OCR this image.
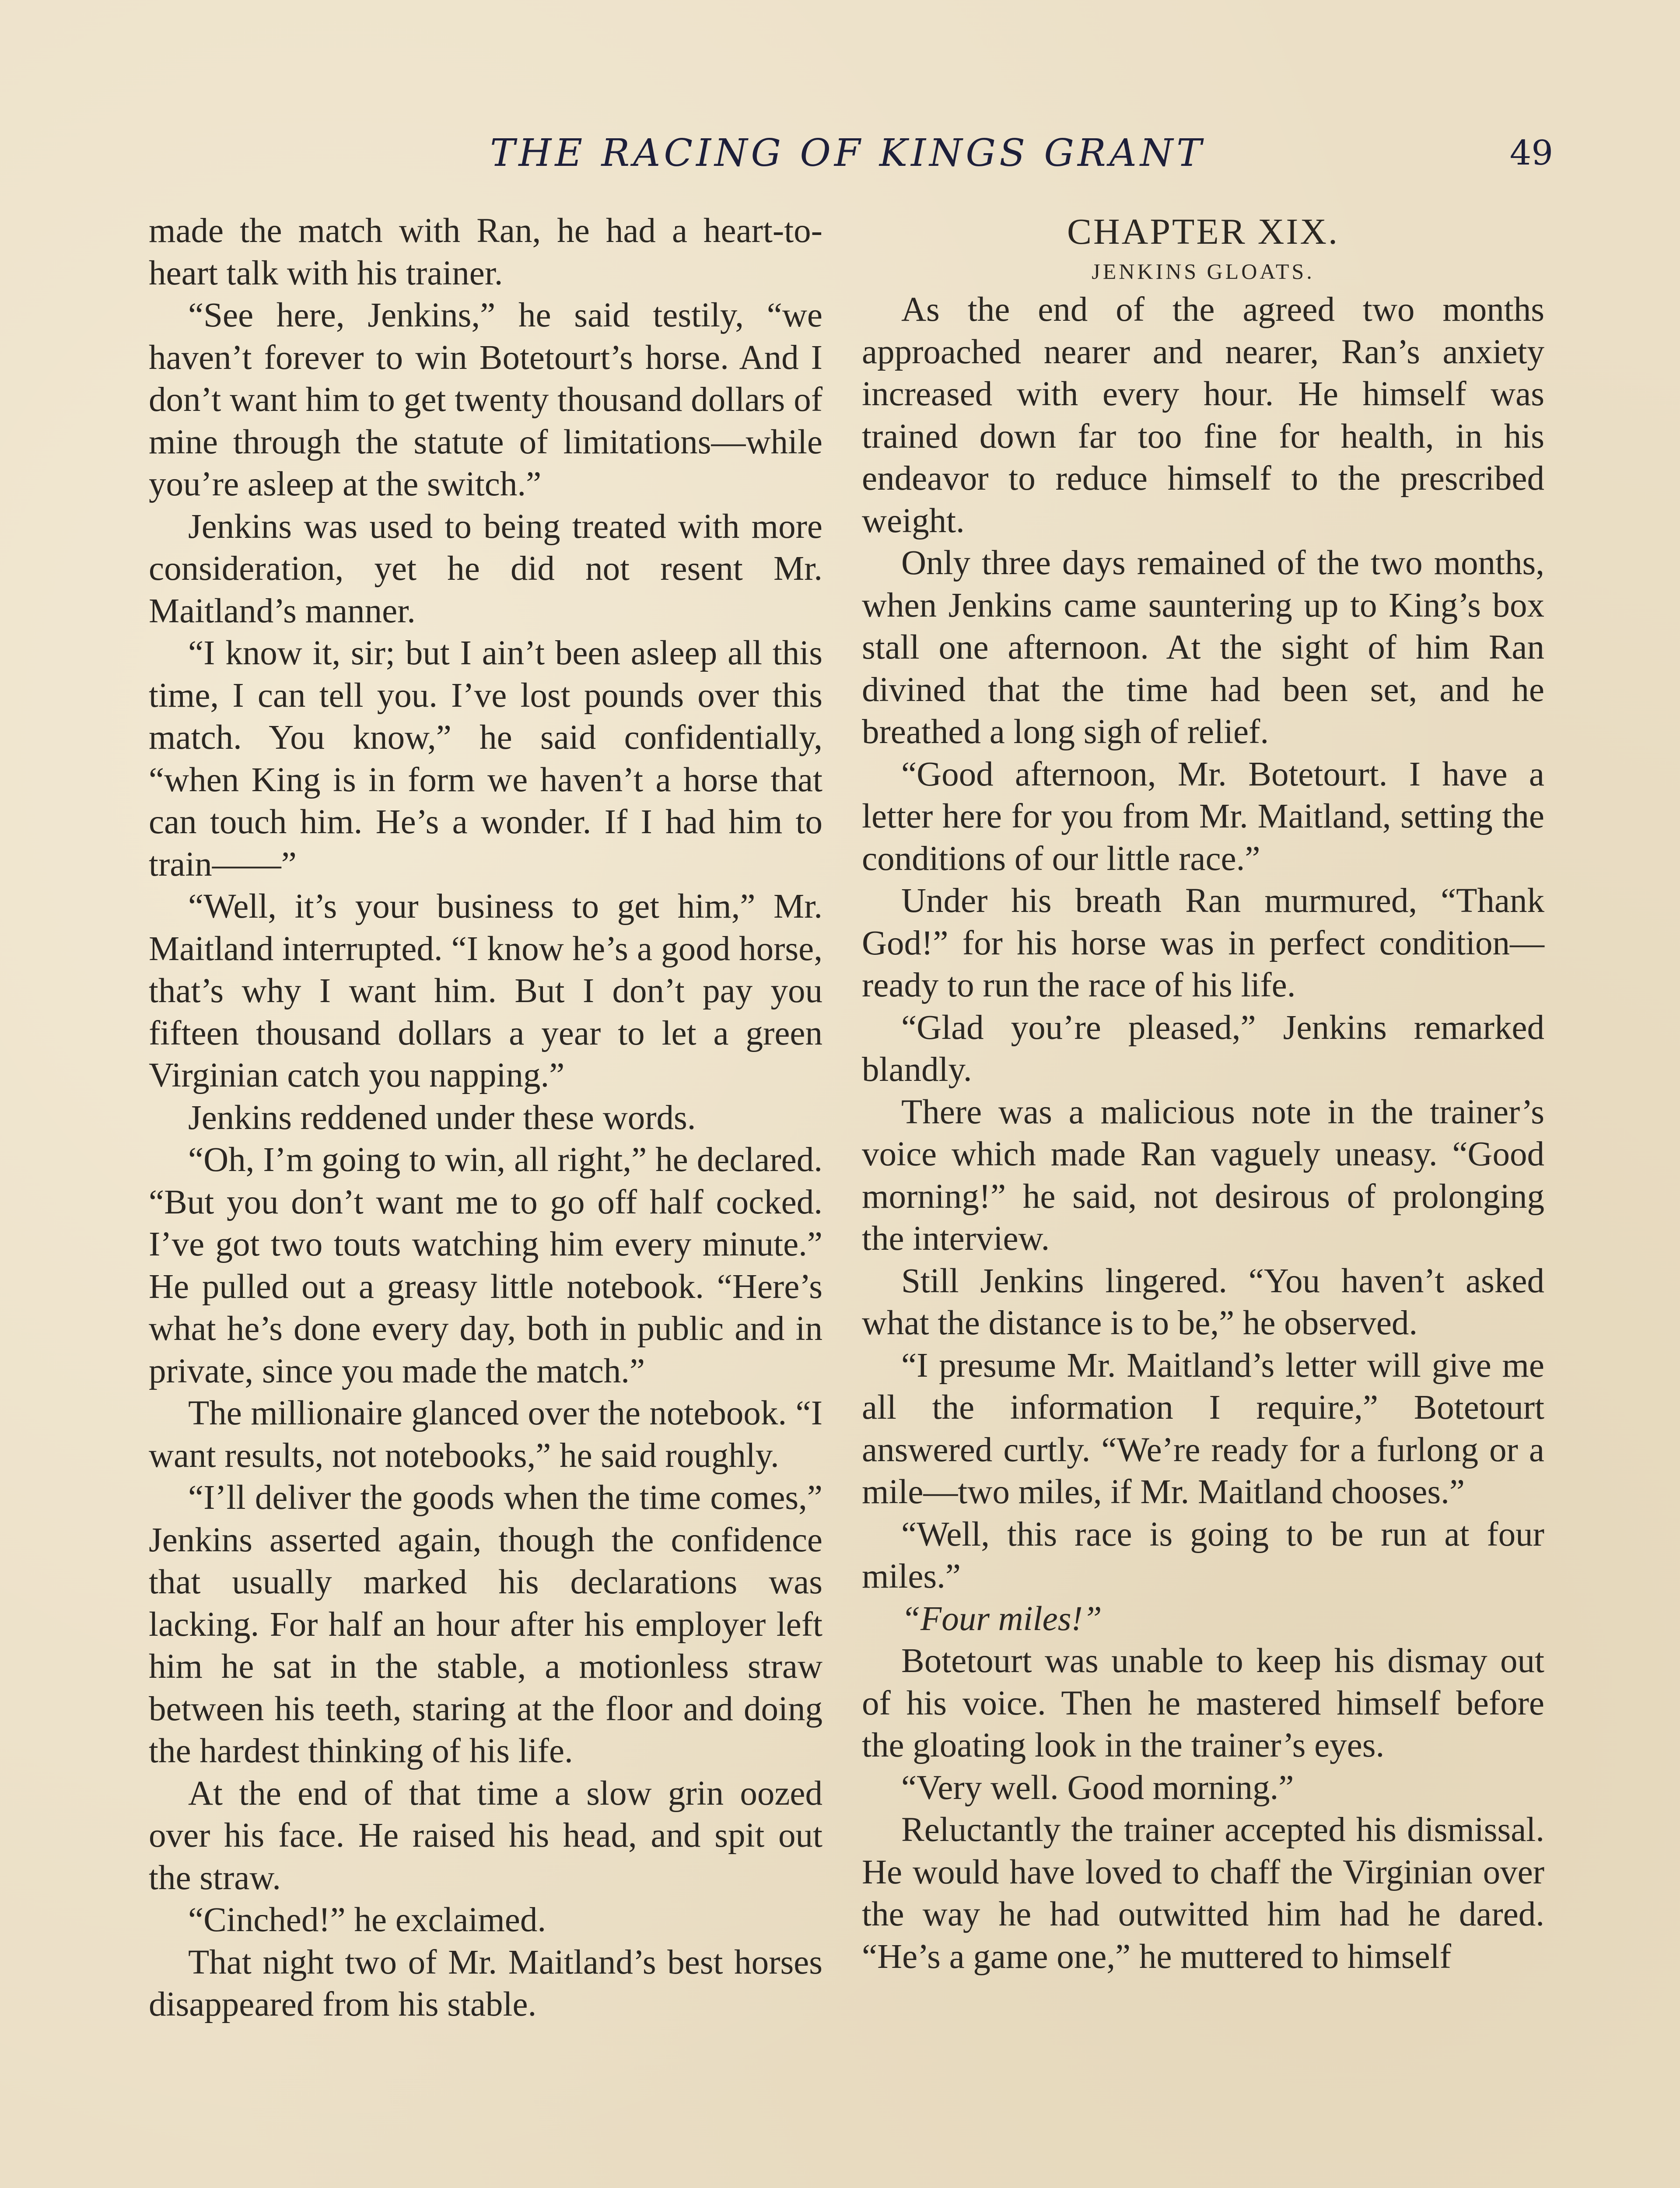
THE RACING OF KINGS GRANT	49

made the match with Ran, he had a heart-to-heart talk with his trainer.

“See here, Jenkins,” he said testily, “we haven’t forever to win Botetourt’s horse. And I don’t want him to get twenty thousand dollars of mine through the statute of limitations—while you’re asleep at the switch.”

Jenkins was used to being treated with more consideration, yet he did not resent Mr. Maitland’s manner.

“I know it, sir; but I ain’t been asleep all this time, I can tell you. I’ve lost pounds over this match. You know,” he said confidentially, “when King is in form we haven’t a horse that can touch him. He’s a wonder. If I had him to train——”

“Well, it’s your business to get him,” Mr. Maitland interrupted. “I know he’s a good horse, that’s why I want him. But I don’t pay you fifteen thousand dollars a year to let a green Virginian catch you napping.”

Jenkins reddened under these words.

“Oh, I’m going to win, all right,” he declared. “But you don’t want me to go off half cocked. I’ve got two touts watching him every minute.” He pulled out a greasy little notebook. “Here’s what he’s done every day, both in public and in private, since you made the match.”

The millionaire glanced over the notebook. “I want results, not notebooks,” he said roughly.

“I’ll deliver the goods when the time comes,” Jenkins asserted again, though the confidence that usually marked his declarations was lacking. For half an hour after his employer left him he sat in the stable, a motionless straw between his teeth, staring at the floor and doing the hardest thinking of his life.

At the end of that time a slow grin oozed over his face. He raised his head, and spit out the straw.

“Cinched!” he exclaimed.

That night two of Mr. Maitland’s best horses disappeared from his stable.

CHAPTER XIX.

JENKINS GLOATS.

As the end of the agreed two months approached nearer and nearer, Ran’s anxiety increased with every hour. He himself was trained down far too fine for health, in his endeavor to reduce himself to the prescribed weight.

Only three days remained of the two months, when Jenkins came sauntering up to King’s box stall one afternoon. At the sight of him Ran divined that the time had been set, and he breathed a long sigh of relief.

“Good afternoon, Mr. Botetourt. I have a letter here for you from Mr. Maitland, setting the conditions of our little race.”

Under his breath Ran murmured, “Thank God!” for his horse was in perfect condition—ready to run the race of his life.

“Glad you’re pleased,” Jenkins remarked blandly.

There was a malicious note in the trainer’s voice which made Ran vaguely uneasy. “Good morning!” he said, not desirous of prolonging the interview.

Still Jenkins lingered. “You haven’t asked what the distance is to be,” he observed.

“I presume Mr. Maitland’s letter will give me all the information I require,” Botetourt answered curtly. “We’re ready for a furlong or a mile—two miles, if Mr. Maitland chooses.”

“Well, this race is going to be run at four miles.”

“Four miles!”

Botetourt was unable to keep his dismay out of his voice. Then he mastered himself before the gloating look in the trainer’s eyes.

“Very well. Good morning.”

Reluctantly the trainer accepted his dismissal. He would have loved to chaff the Virginian over the way he had outwitted him had he dared. “He’s a game one,” he muttered to himself
